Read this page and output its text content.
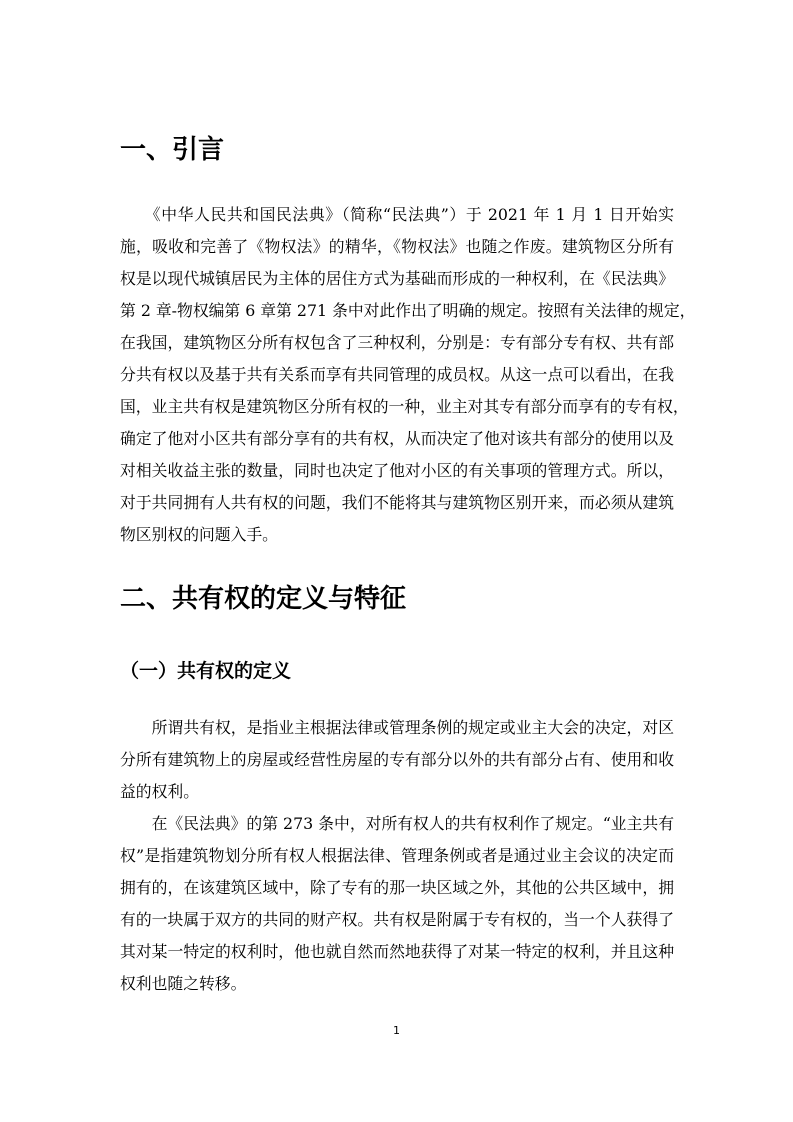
一、引言
　　《中华人民共和国民法典》（简称“民法典”）于 2021 年 1 月 1 日开始实
施，吸收和完善了《物权法》的精华，《物权法》也随之作废。建筑物区分所有
权是以现代城镇居民为主体的居住方式为基础而形成的一种权利，在《民法典》
第 2 章-物权编第 6 章第 271 条中对此作出了明确的规定。按照有关法律的规定，
在我国，建筑物区分所有权包含了三种权利，分别是：专有部分专有权、共有部
分共有权以及基于共有关系而享有共同管理的成员权。从这一点可以看出，在我
国，业主共有权是建筑物区分所有权的一种，业主对其专有部分而享有的专有权，
确定了他对小区共有部分享有的共有权，从而决定了他对该共有部分的使用以及
对相关收益主张的数量，同时也决定了他对小区的有关事项的管理方式。所以，
对于共同拥有人共有权的问题，我们不能将其与建筑物区别开来，而必须从建筑
物区别权的问题入手。
二、共有权的定义与特征
（一）共有权的定义
　　所谓共有权，是指业主根据法律或管理条例的规定或业主大会的决定，对区
分所有建筑物上的房屋或经营性房屋的专有部分以外的共有部分占有、使用和收
益的权利。
　　在《民法典》的第 273 条中，对所有权人的共有权利作了规定。“业主共有
权”是指建筑物划分所有权人根据法律、管理条例或者是通过业主会议的决定而
拥有的，在该建筑区域中，除了专有的那一块区域之外，其他的公共区域中，拥
有的一块属于双方的共同的财产权。共有权是附属于专有权的，当一个人获得了
其对某一特定的权利时，他也就自然而然地获得了对某一特定的权利，并且这种
权利也随之转移。
1
